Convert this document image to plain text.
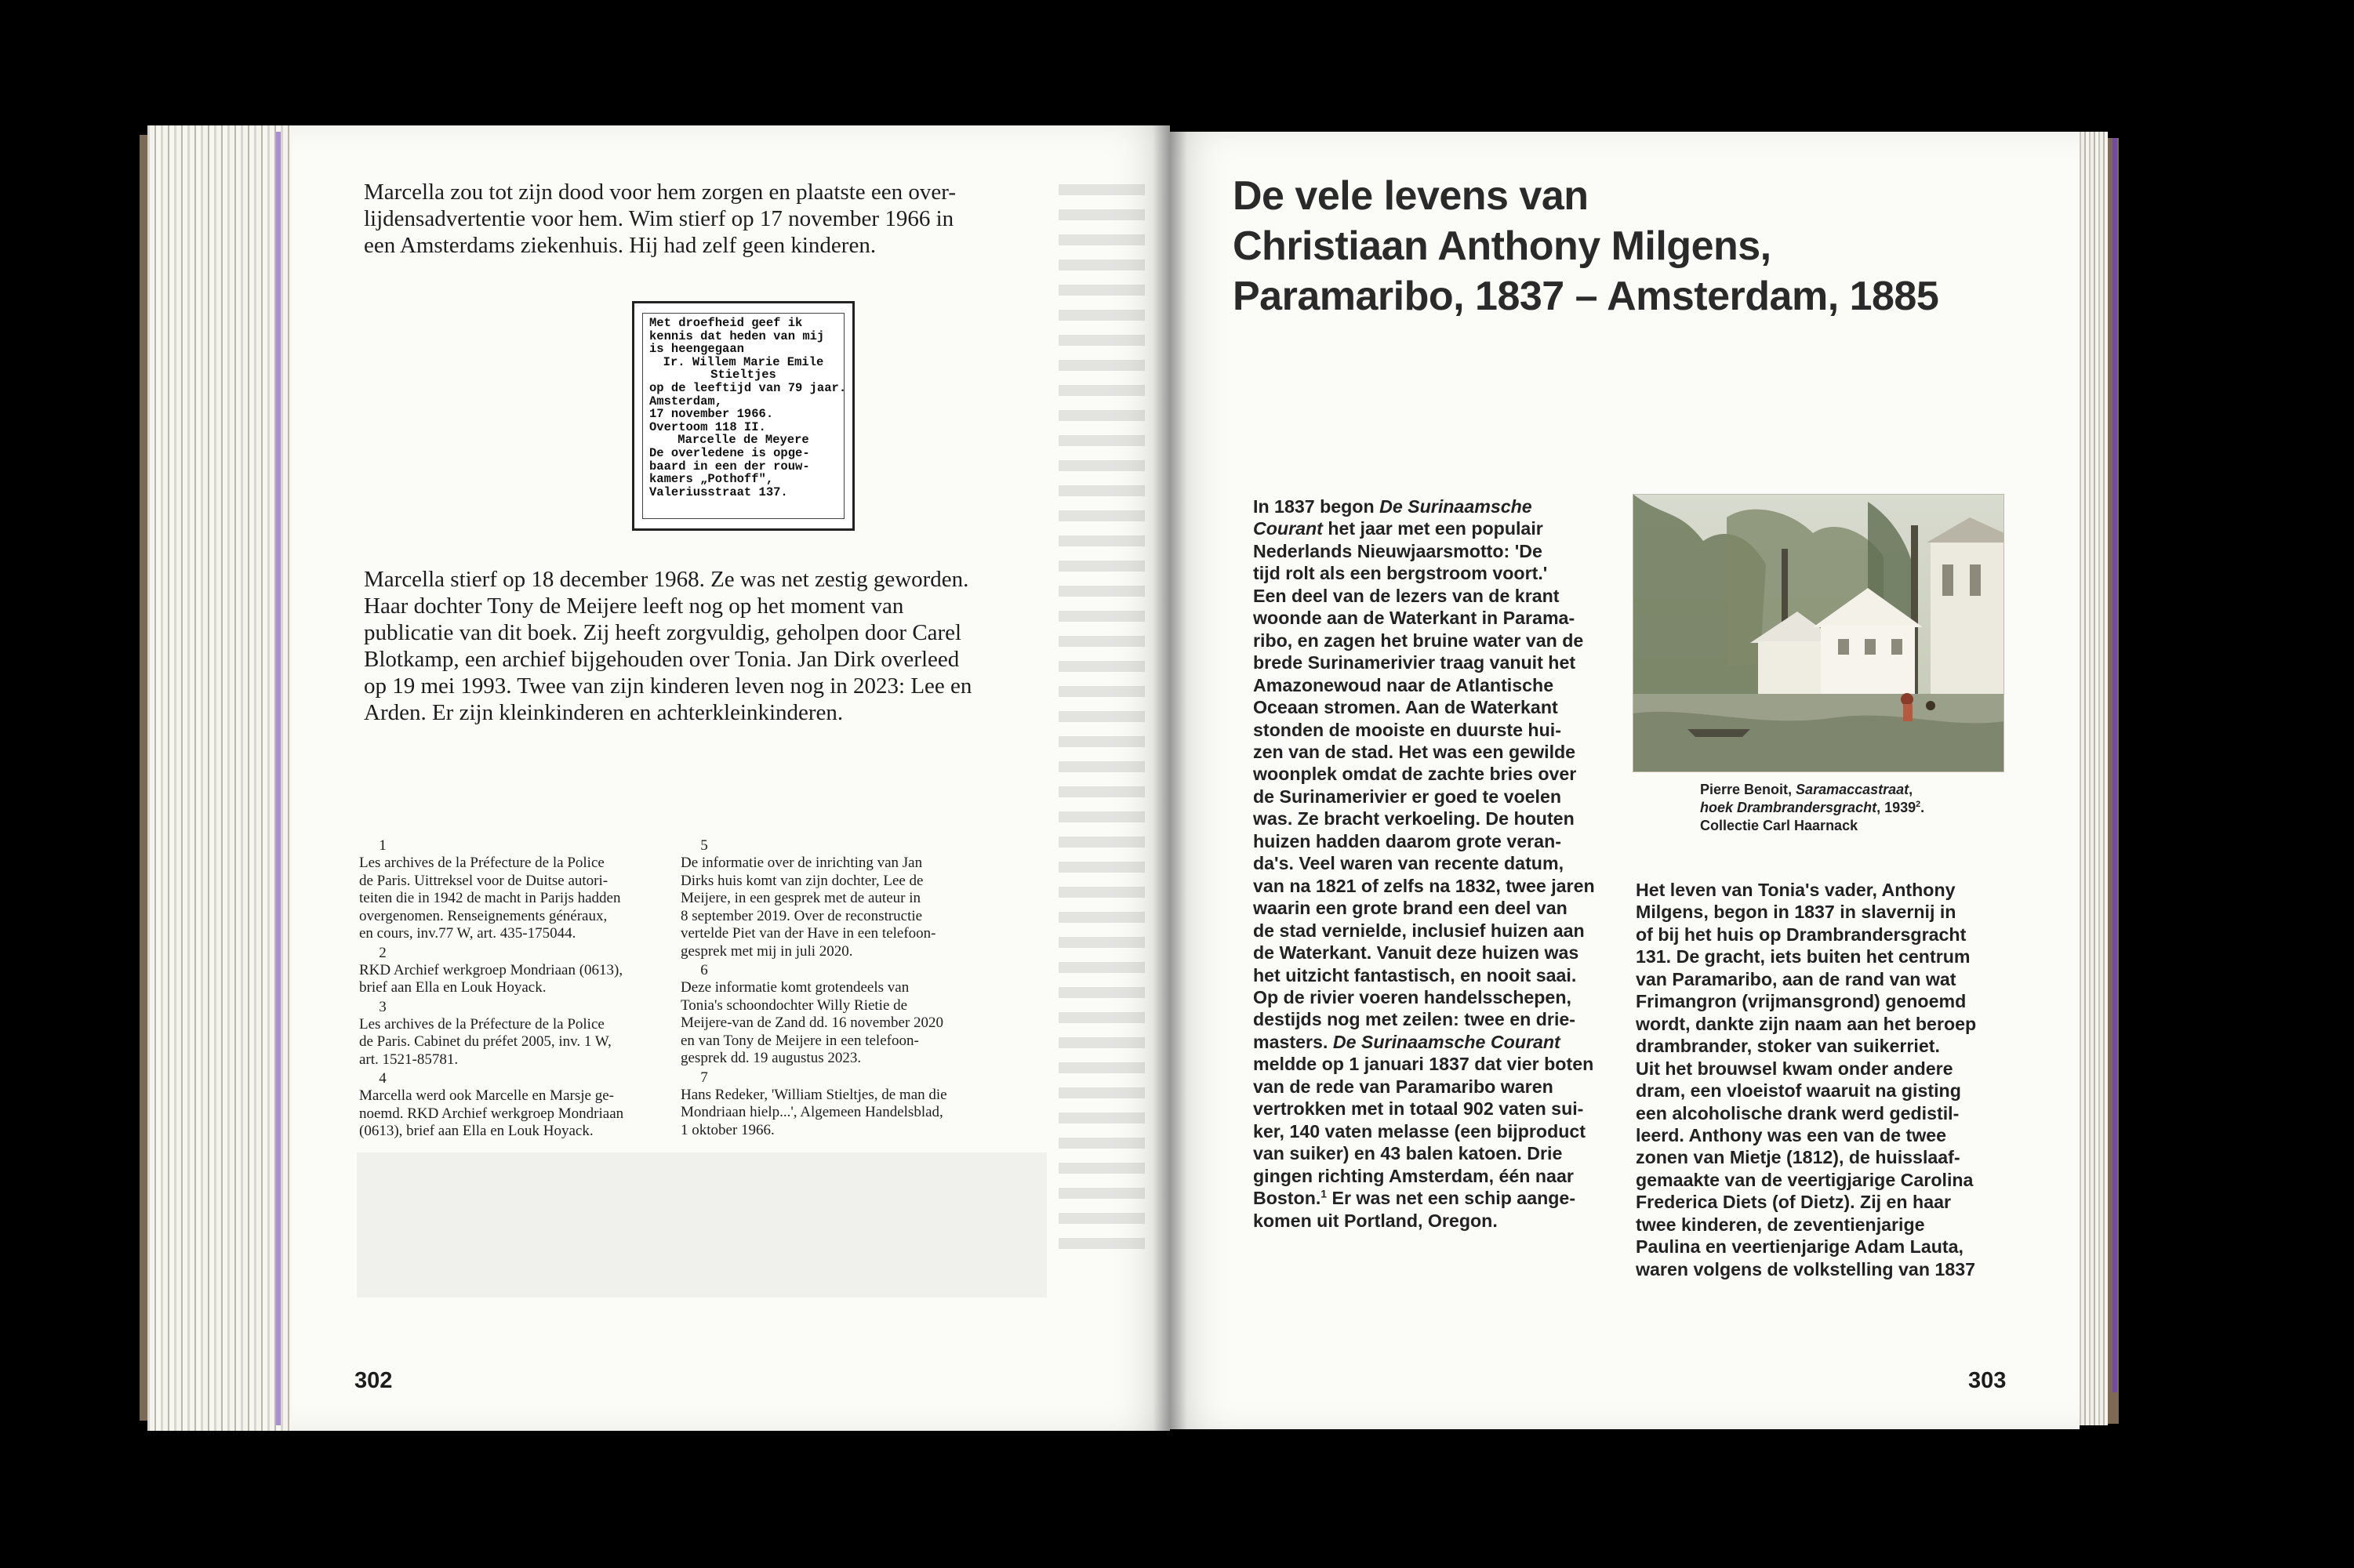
Marcella zou tot zijn dood voor hem zorgen en plaatste een over-
lijdensadvertentie voor hem. Wim stierf op 17 november 1966 in
een Amsterdams ziekenhuis. Hij had zelf geen kinderen.
Met droefheid geef ik
kennis dat heden van mij
is heengegaan
Ir. Willem Marie Emile
Stieltjes
op de leeftijd van 79 jaar.
Amsterdam,
17 november 1966.
Overtoom 118 II.
Marcelle de Meyere
De overledene is opge-
baard in een der rouw-
kamers „Pothoff",
Valeriusstraat 137.
Marcella stierf op 18 december 1968. Ze was net zestig geworden.
Haar dochter Tony de Meijere leeft nog op het moment van
publicatie van dit boek. Zij heeft zorgvuldig, geholpen door Carel
Blotkamp, een archief bijgehouden over Tonia. Jan Dirk overleed
op 19 mei 1993. Twee van zijn kinderen leven nog in 2023: Lee en
Arden. Er zijn kleinkinderen en achterkleinkinderen.
1
Les archives de la Préfecture de la Police
de Paris. Uittreksel voor de Duitse autori-
teiten die in 1942 de macht in Parijs hadden
overgenomen. Renseignements généraux,
en cours, inv.77 W, art. 435-175044.
2
RKD Archief werkgroep Mondriaan (0613),
brief aan Ella en Louk Hoyack.
3
Les archives de la Préfecture de la Police
de Paris. Cabinet du préfet 2005, inv. 1 W,
art. 1521-85781.
4
Marcella werd ook Marcelle en Marsje ge-
noemd. RKD Archief werkgroep Mondriaan
(0613), brief aan Ella en Louk Hoyack.
5
De informatie over de inrichting van Jan
Dirks huis komt van zijn dochter, Lee de
Meijere, in een gesprek met de auteur in
8 september 2019. Over de reconstructie
vertelde Piet van der Have in een telefoon-
gesprek met mij in juli 2020.
6
Deze informatie komt grotendeels van
Tonia's schoondochter Willy Rietie de
Meijere-van de Zand dd. 16 november 2020
en van Tony de Meijere in een telefoon-
gesprek dd. 19 augustus 2023.
7
Hans Redeker, 'William Stieltjes, de man die
Mondriaan hielp...', Algemeen Handelsblad,
1 oktober 1966.
302
De vele levens van
Christiaan Anthony Milgens,
Paramaribo, 1837 – Amsterdam, 1885
In 1837 begon De Surinaamsche
Courant het jaar met een populair
Nederlands Nieuwjaarsmotto: 'De
tijd rolt als een bergstroom voort.'
Een deel van de lezers van de krant
woonde aan de Waterkant in Parama-
ribo, en zagen het bruine water van de
brede Surinamerivier traag vanuit het
Amazonewoud naar de Atlantische
Oceaan stromen. Aan de Waterkant
stonden de mooiste en duurste hui-
zen van de stad. Het was een gewilde
woonplek omdat de zachte bries over
de Surinamerivier er goed te voelen
was. Ze bracht verkoeling. De houten
huizen hadden daarom grote veran-
da's. Veel waren van recente datum,
van na 1821 of zelfs na 1832, twee jaren
waarin een grote brand een deel van
de stad vernielde, inclusief huizen aan
de Waterkant. Vanuit deze huizen was
het uitzicht fantastisch, en nooit saai.
Op de rivier voeren handelsschepen,
destijds nog met zeilen: twee en drie-
masters. De Surinaamsche Courant
meldde op 1 januari 1837 dat vier boten
van de rede van Paramaribo waren
vertrokken met in totaal 902 vaten sui-
ker, 140 vaten melasse (een bijproduct
van suiker) en 43 balen katoen. Drie
gingen richting Amsterdam, één naar
Boston.$^1$ Er was net een schip aange-
komen uit Portland, Oregon.
Pierre Benoit, Saramaccastraat,
hoek Drambrandersgracht, 1939$^2$.
Collectie Carl Haarnack
Het leven van Tonia's vader, Anthony
Milgens, begon in 1837 in slavernij in
of bij het huis op Drambrandersgracht
131. De gracht, iets buiten het centrum
van Paramaribo, aan de rand van wat
Frimangron (vrijmansgrond) genoemd
wordt, dankte zijn naam aan het beroep
drambrander, stoker van suikerriet.
Uit het brouwsel kwam onder andere
dram, een vloeistof waaruit na gisting
een alcoholische drank werd gedistil-
leerd. Anthony was een van de twee
zonen van Mietje (1812), de huisslaaf-
gemaakte van de veertigjarige Carolina
Frederica Diets (of Dietz). Zij en haar
twee kinderen, de zeventienjarige
Paulina en veertienjarige Adam Lauta,
waren volgens de volkstelling van 1837
303
